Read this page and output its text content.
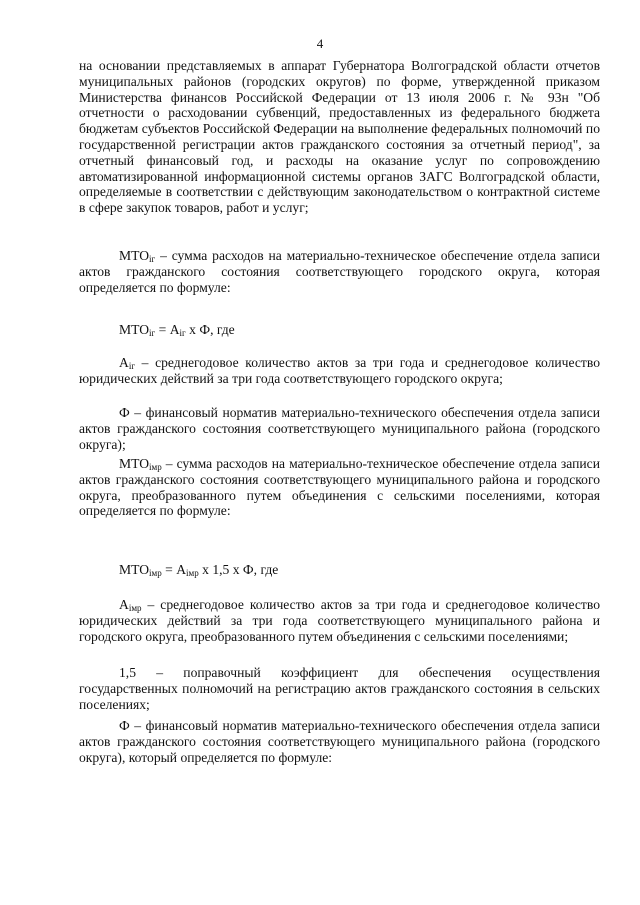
4

на основании представляемых в аппарат Губернатора Волгоградской области отчетов муниципальных районов (городских округов) по форме, утвержденной приказом Министерства финансов Российской Федерации от 13 июля 2006 г. № 93н "Об отчетности о расходовании субвенций, предоставленных из федерального бюджета бюджетам субъектов Российской Федерации на выполнение федеральных полномочий по государственной регистрации актов гражданского состояния за отчетный период", за отчетный финансовый год, и расходы на оказание услуг по сопровождению автоматизированной информационной системы органов ЗАГС Волгоградской области, определяемые в соответствии с действующим законодательством о контрактной системе в сфере закупок товаров, работ и услуг;

$МТО_{iг}$ – сумма расходов на материально-техническое обеспечение отдела записи актов гражданского состояния соответствующего городского округа, которая определяется по формуле:

$МТО_{iг} = А_{iг}$ х Ф, где

$А_{iг}$ – среднегодовое количество актов за три года и среднегодовое количество юридических действий за три года соответствующего городского округа;

Ф – финансовый норматив материально-технического обеспечения отдела записи актов гражданского состояния соответствующего муниципального района (городского округа);

$МТО_{iмр}$ – сумма расходов на материально-техническое обеспечение отдела записи актов гражданского состояния соответствующего муниципального района и городского округа, преобразованного путем объединения с сельскими поселениями, которая определяется по формуле:

$МТО_{iмр} = А_{iмр}$ х 1,5 х Ф, где

$А_{iмр}$ – среднегодовое количество актов за три года и среднегодовое количество юридических действий за три года соответствующего муниципального района и городского округа, преобразованного путем объединения с сельскими поселениями;

1,5 – поправочный коэффициент для обеспечения осуществления государственных полномочий на регистрацию актов гражданского состояния в сельских поселениях;

Ф – финансовый норматив материально-технического обеспечения отдела записи актов гражданского состояния соответствующего муниципального района (городского округа), который определяется по формуле:
